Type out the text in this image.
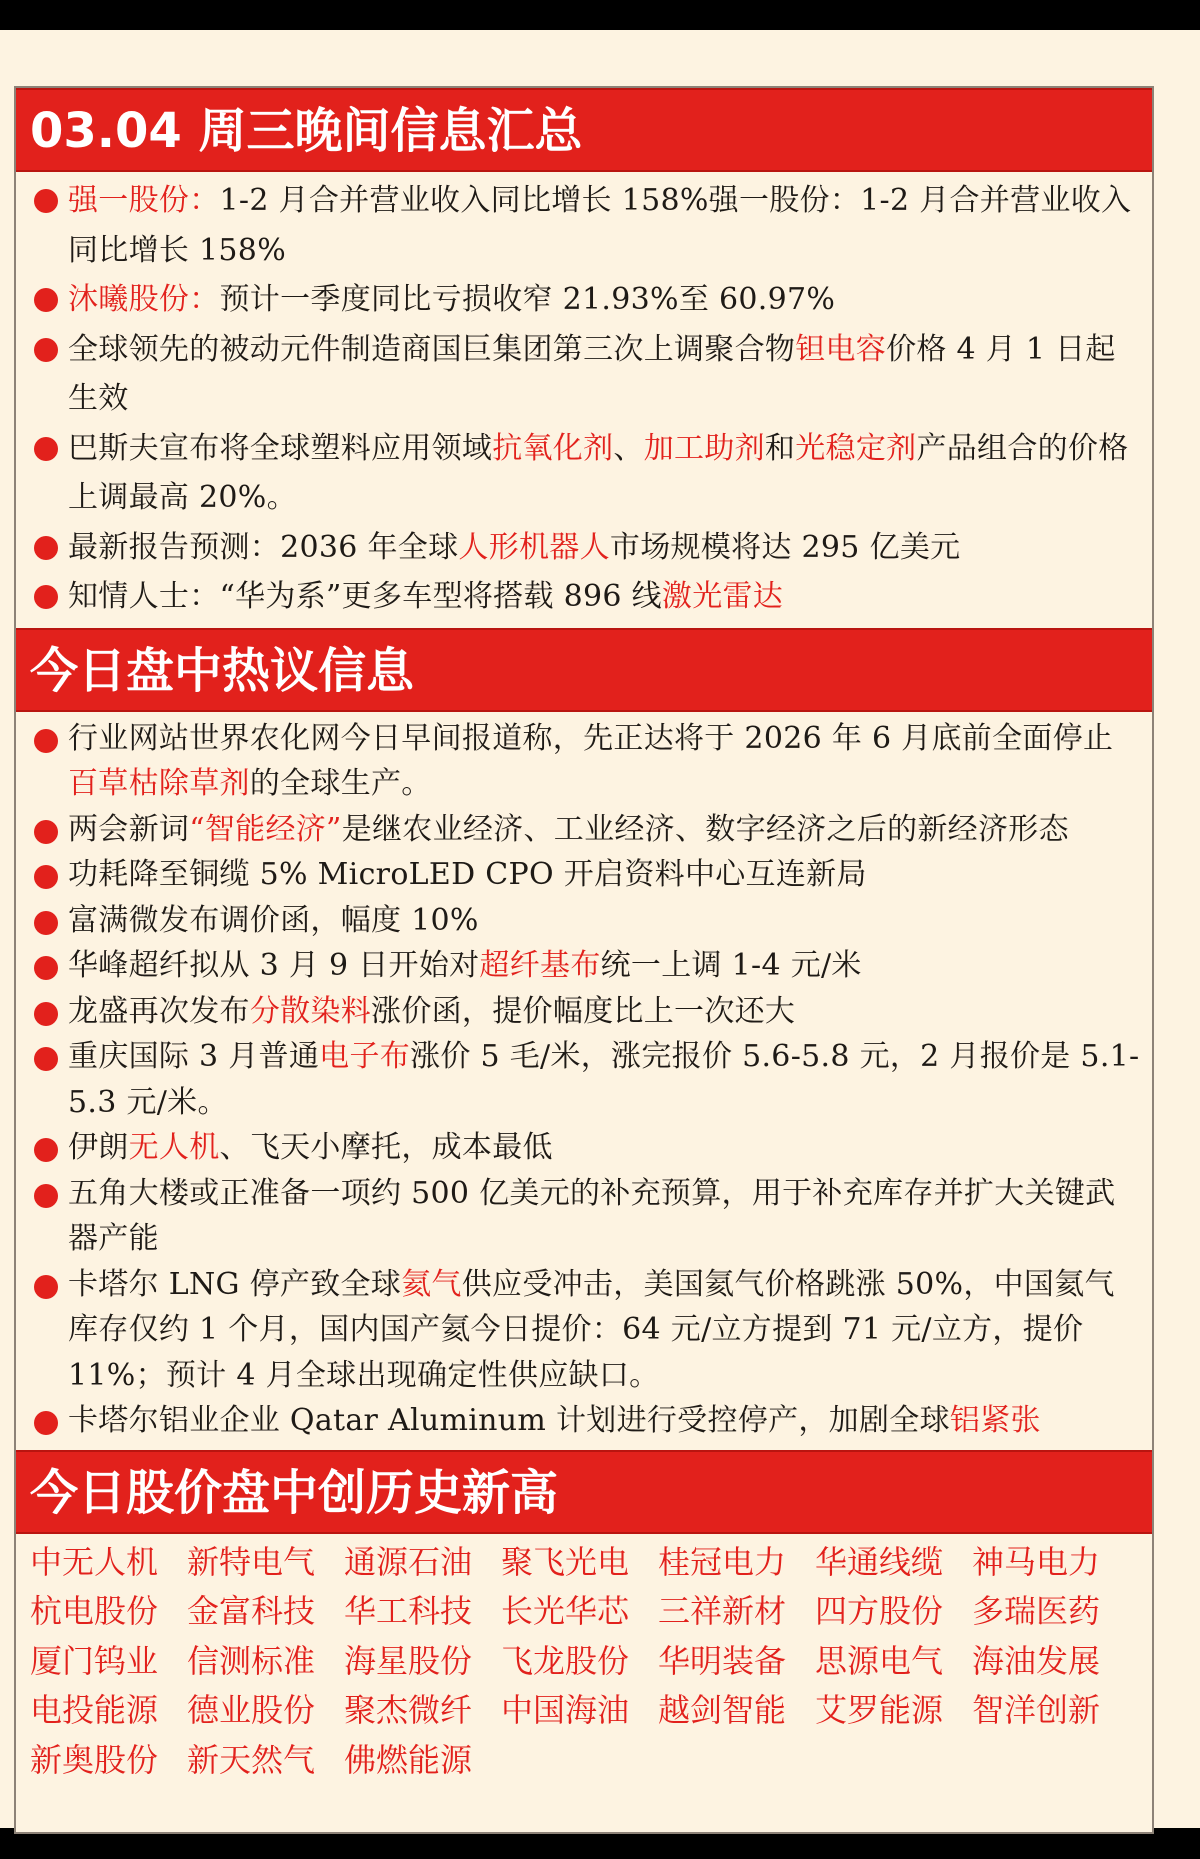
03.04 周三晚间信息汇总
强一股份：1-2 月合并营业收入同比增长 158%强一股份：1-2 月合并营业收入同比增长 158%
沐曦股份：预计一季度同比亏损收窄 21.93%至 60.97%
全球领先的被动元件制造商国巨集团第三次上调聚合物钽电容价格 4 月 1 日起生效
巴斯夫宣布将全球塑料应用领域抗氧化剂、加工助剂和光稳定剂产品组合的价格上调最高 20%。
最新报告预测：2036 年全球人形机器人市场规模将达 295 亿美元
知情人士：“华为系”更多车型将搭载 896 线激光雷达
今日盘中热议信息
行业网站世界农化网今日早间报道称，先正达将于 2026 年 6 月底前全面停止百草枯除草剂的全球生产。
两会新词“智能经济”是继农业经济、工业经济、数字经济之后的新经济形态
功耗降至铜缆 5% MicroLED CPO 开启资料中心互连新局
富满微发布调价函，幅度 10%
华峰超纤拟从 3 月 9 日开始对超纤基布统一上调 1-4 元/米
龙盛再次发布分散染料涨价函，提价幅度比上一次还大
重庆国际 3 月普通电子布涨价 5 毛/米，涨完报价 5.6-5.8 元，2 月报价是 5.1-5.3 元/米。
伊朗无人机、飞天小摩托，成本最低
五角大楼或正准备一项约 500 亿美元的补充预算，用于补充库存并扩大关键武器产能
卡塔尔 LNG 停产致全球氦气供应受冲击，美国氦气价格跳涨 50%，中国氦气库存仅约 1 个月，国内国产氦今日提价：64 元/立方提到 71 元/立方，提价 11%；预计 4 月全球出现确定性供应缺口。
卡塔尔铝业企业 Qatar Aluminum 计划进行受控停产，加剧全球铝紧张
今日股价盘中创历史新高
中无人机 新特电气 通源石油 聚飞光电 桂冠电力 华通线缆 神马电力
杭电股份 金富科技 华工科技 长光华芯 三祥新材 四方股份 多瑞医药
厦门钨业 信测标准 海星股份 飞龙股份 华明装备 思源电气 海油发展
电投能源 德业股份 聚杰微纤 中国海油 越剑智能 艾罗能源 智洋创新
新奥股份 新天然气 佛燃能源
